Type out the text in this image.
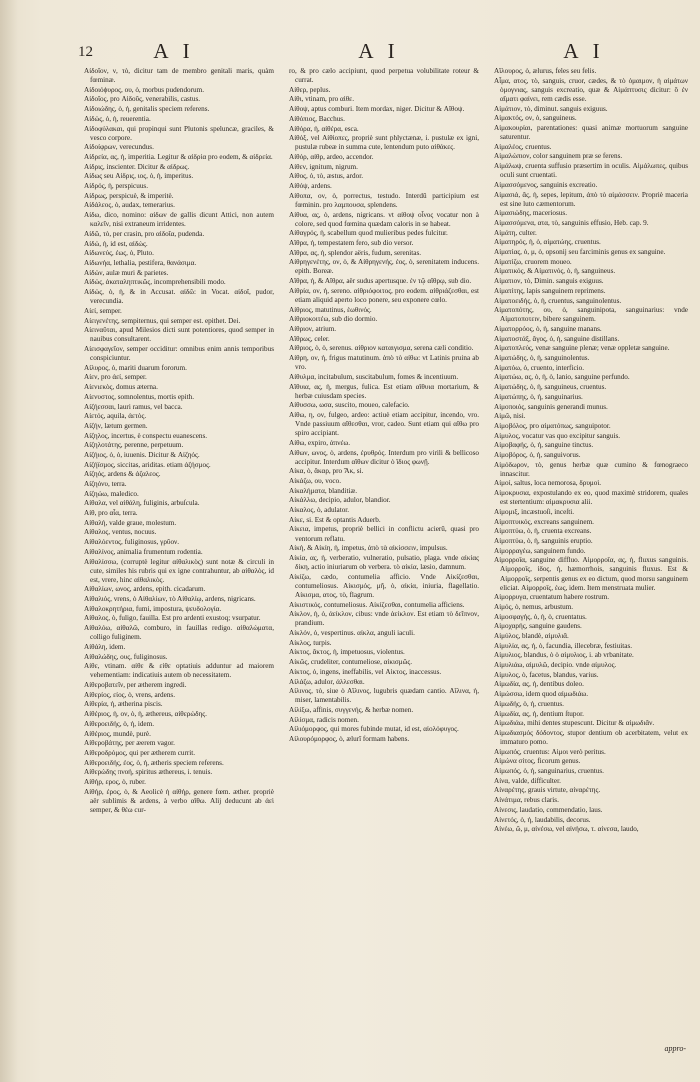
12	A I	A I	A I
Αἰδοῖον, ν, τὸ, dicitur tam de membro genitali maris, quàm fœminæ.
Αἰδοιόϕυρος, ου, ὁ, morbus pudendorum.
Αἰδοῖος, pro Αἰδοῦς, venerabilis, castus.
Αἰδοιώδης, ὁ, ἡ, genitalis speciem referens.
Αἰδώς, ὁ, ἡ, reuerentia.
Αἰδοφύλακαι, qui propinqui sunt Plutonis speluncæ, graciles, & vesco corpore.
Αἰδοίφρων, verecundus.
Αἰδρεία, ας, ἡ, imperitia. Legitur & αἰδρία pro eodem, & αἰδρεία.
Αἰδρις, inscienter. Dicitur & αἰδρως.
Αἰδως seu Αἰδρις, ιος, ὁ, ἡ, imperitus.
Αἰδρός, ἡ, perspicuus.
Αἰδρως, perspicuè, & imperitè.
Αἰδάλεος, ὁ, audax, temerarius.
Αἰδω, dico, nomino: αἰδων de gallis dicunt Attici, non autem καλεῖν, nisi extraneum irridentes.
Αἰδῶ, τὸ, per crasin, pro αἰδοῖα, pudenda.
Αἰδώ, ἡ, id est, αἰδώς.
Αἰδωνεύς, ἐως, ὁ, Pluto.
Αἰδωνήα, lethalia, pestifera, θανάσιμα.
Αἰδών, aulæ muri & parietes.
Αἰδώς, ἀκαταληπτικῶς, incomprehensibili modo.
Αἰδώς, ὁ, ἡ, & in Accusat. αἰδῶ: in Vocat. αἰδοῖ, pudor, verecundia.
Αἰεί, semper.
Αἰειγενέτης, sempiternus, qui semper est. epithet. Dei.
Αἰειναῦται, apud Milesios dicti sunt potentiores, quod semper in nauibus consultarent.
Αἰεισφαγεῖον, semper occiditur: omnibus enim annis temporibus conspiciuntur.
Αἰλυρος, ὁ, mariti duarum fororum.
Αἰεν, pro ἀεί, semper.
Αἰενιεκὸς, domus æterna.
Αἰενυστος, somnolentus, mortis epith.
Αἰζήεσσαι, lauri ramus, vel bacca.
Αἰετός, aquila, ἀετὸς.
Αἰζήν, lætum germen.
Αἰζηλος, incertus, è conspectu euanescens.
Αἰζηλοτάτης, perenne, perpetuum.
Αἰζήιος, ὁ, ὁ, iuuenis. Dicitur & Αἰζηός.
Αἰζήϊσμος, siccitas, ariditas. etiam ἀζήσμος.
Αἰζηός, ardens & ἀζαλεος.
Αἰζηόνυ, terra.
Αἰζηώω, maledico.
Αἰθαλα, vel αἰθάλη, fuliginis, arbuſcula.
Αἰθ, pro αἶα, terra.
Αἰθαλή, valde graue, molestum.
Αἰθαλος, ventus, nocuus.
Αἰθαλόεντος, fuliginosus, γρῦον.
Αἰθαλίνος, animalia frumentum rodentia.
Αἰθαλίσσω, (corruptè legitur αἰθαλικὸς) sunt notæ & circuli in cute, similes his rubris qui ex igne contrahuntur, ab αἰθαλὸς, id est, vrere, hinc αἰθαλικὸς.
Αἰθαλίων, ωνος, ardens, epith. cicadarum.
Αἰθαλιός, vrens, ὁ Αἰθαλίων, τὸ Αἰθαλίῳ, ardens, nigricans.
Αἰθαλοκρητήρια, fumi, impostura, ψευδολογία.
Αἰθαλος, ὁ, fuligo, fauilla. Est pro ardenti exustoq; vsurpatur.
Αἰθαλόω, αἰθαλῶ, comburo, in fauillas redigo. αἰθαλώματα, colligo fuliginem.
Αἰθάλη, idem.
Αἰθαλώδης, ους, fuliginosus.
Αἰθε, vtinam. αἰθε & εἰθε optatiuis adduntur ad maiorem vehementiam: indicatiuis autem ob necessitatem.
Αἰθεροβατεῖν, per ætherem ingredi.
Αἰθερίος, εἰος, ὁ, vrens, ardens.
Αἰθερία, ἡ, ætherina piscis.
Αἰθέριος, ἡ, ον, ὁ, ἡ, æthereus, αἰθερώδης.
Αἰθεροειδής, ὁ, ἡ, idem.
Αἰθέριος, mundè, purè.
Αἰθεροβάτης, per æerem vagor.
Αἰθεροδρόμος, qui per ætherem currit.
Αἰθεροειδής, ἐος, ὁ, ἡ, ætheris speciem referens.
Αἰθερώδης πνοή, spiritus æthereus, i. tenuis.
Αἰθήρ, ερος, ὁ, ruber.
Αἰθήρ, ἐρος, ὁ, & Aeolicè ἡ αἰθήρ, genere fœm. æther. propriè aër sublimis & ardens, à verbo αἴθω. Alij deducunt ab ἀεὶ semper, & θέω cur-
ro, & pro cælo accipiunt, quod perpetua volubilitate roteur & currat.
Αἰθερ, peplus.
Αἰθι, vtinam, pro αἰθε.
Αἰθοψ, aptus comburi. Item mordax, niger. Dicitur & Αἴθοψ.
Αἰθόπιος, Bacchus.
Αἰθόρα, ἡ, αἰθέρα, esca.
Αἰθόξ, vel Αἰθίοπες, propriè sunt phlyctænæ, i. pustulæ ex igni, pustulæ rubeæ in summa cute, lentendum puto αἰθάκες.
Αἰθόρ, αἰθρ, ardeo, accendor.
Αἰθεν, ignitum, nigrum.
Αἰθος, ὁ, τὸ, æstus, ardor.
Αἰθόψ, ardens.
Αἰθοπα, ον, ὁ, porrectus, testudo. Interdū participium est fœminin. pro λαμπουσα, splendens.
Αἰθυα, ας, ὁ, ardens, nigricans. vt αἰθοψ οἶνος vocatur non à colore, sed quod fœmina quædam caloris in se habeat.
Αἰθαγρός, ἡ, scabellum quod mulieribus pedes fulcitur.
Αἴθρα, ἡ, tempestatem fero, sub dio versor.
Αἴθρα, ας, ἡ, splendor aëris, fudum, serenitas.
Αἰθρηγενέτης, ον, ὁ, & Αἰθρηγενής, ἐος, ὁ, serenitatem inducens. epith. Boreæ.
Αἴθρα, ἡ, & Αἴθρα, aër sudus apertusque. ἐν τῷ αἴθρῳ, sub dio.
Αἰθρία, ον, ἡ, sereno. αἰθριόφοιτος, pro eodem. αἰθριάζεσθαι, est etiam aliquid aperto loco ponere, seu exponere cœlo.
Αἰθριος, matutinus, ἑωθινός.
Αἰθριοκοιτέω, sub dio dormio.
Αἰθριον, atrium.
Αἴθρως, celer.
Αἰθριος, ὁ, ὁ, serenus. αἰθριον καταιγισμα, serena cæli conditio.
Αἰθρη, ον, ἡ, frigus matutinum. ἀπὸ τὸ αἰθω: vt Latinis pruina ab vro.
Αἰθυλμα, incitabulum, suscitabulum, fomes & incentiuum.
Αἴθυια, ας, ἡ, mergus, fulica. Est etiam αἴθυια mortarium, & herbæ cuiusdam species.
Αἰθυσσω, ωσα, suscito, moueo, calefacio.
Αἰθω, η, ον, fulgeo, ardeo: actiuè etiam accipitur, incendo, vro. Vnde passiuum αἴθεσθαι, vror, cadeo. Sunt etiam qui αἴθω pro spiro accipiant.
Αἰθω, expiro, ἀπνέω.
Αἰθων, ωνος, ὁ, ardens, ἐρυθρός. Interdum pro virili & bellicoso accipitur. Interdum αἴθων dicitur ὁ ἴδιος φωνῇ.
Αἰκα, ὁ, ἄκαρ, pro Ἄκ, si.
Αἰκάζω, ου, voco.
Αἰκαλήματα, blanditiæ.
Αἰκάλλω, decipio, adulor, blandior.
Αἰκαλος, ὁ, adulator.
Αἰκε, si. Est & optantis Aduerb.
Αἰκεια, impetus, propriè bellici in conflictu acierū, quasi pro ventorum reflatu.
Αἰκὴ, & Αἰκίη, ἡ, impetus, ἀπὸ τὰ αἰκίσσειν, impulsus.
Αἰκία, ας, ἡ, verberatio, vulneratio, pulsatio, plaga. vnde αἰκίας δίκη, actio iniuriarum ob verbera. τὸ αἰκία, læsio, damnum.
Αἰκίζω, cædo, contumelia afficio. Vnde Aἰκίζεσθαι, contumeliosus. Αἰκισμός, μῆ, ὁ, αἰκία, iniuria, flagellatio. Αἰκισμα, ατος, τὸ, flagrum.
Αἰκιστικός, contumeliosus. Αἰκίζεσθαι, contumelia afficiens.
Αἰκλον, ἡ, ὁ, ἀείκλον, cibus: vnde ἀείκλον. Est etiam τὸ δεῖπνον, prandium.
Αἰκλόν, ὁ, vespertinus. αἰκλα, anguli iaculi.
Αἰκλος, turpis.
Αἰκτος, ἄκτος, ἡ, impetuosus, violentus.
Αἰκῶς, crudeliter, contumeliose, αἰκισμῶς.
Αἰκτος, ὁ, ingens, ineffabilis, vel Αἰκτος, inaccessus.
Αἰλάζω, adulor, ἀλλεσθαι.
Αἰλινος, τὸ, siue ὁ Αἴλινος, lugubris quædam cantio. Αἴλινα, ἡ, miser, lamentabilis.
Αἰλίξω, affinis, συγγενής, & herbæ nomen.
Αἰλίσμα, radicis nomen.
Αἰλιόμορφος, qui mores fubinde mutat, id est, αἰολόφυγος.
Αἰλουρόμορφος, ὁ, ælurī formam habens.
Αἴλουρος, ὁ, ælurus, feles seu felis.
Αἷμα, ατος, τὸ, sanguis, cruor, cædes, & τὸ ὁμαιμον, ἡ αἰμάτων ὁμογνιας, sanguis excreatio, quæ & Αἱμάπτυσις dicitur: ὅ ἐν αἵματι φαίνει, rem cædis esse.
Αἱμάτιον, τὸ, diminut. sanguis exiguus.
Αἱμακτός, ον, ὁ, sanguineus.
Αἱμακουρίαι, parentationes: quasi animæ mortuorum sanguine saturentur.
Αἱμαλέος, cruentus.
Αἱμαλώπιον, color sanguinem præ se ferens.
Αἱμάλωψ, cruenta suffusio præsertim in oculis. Αἱμάλωπες, quibus oculi sunt cruentati.
Αἱμασσόμενος, sanguinis excreatio.
Αἱμασιά, ᾶς, ἡ, sepes, lepitum, ἀπὸ τὸ αἱμάσσειν. Propriè maceria est sine luto cæmentorum.
Αἱμασιώδης, maceriosus.
Αἱμασσόμενα, ατα, τὸ, sanguinis effusio, Heb. cap. 9.
Αἱμάτη, culter.
Αἱματηρός, ἡ, ὁ, αἱματώης, cruentus.
Αἱματίας, ὁ, μ, ὁ, opsonij seu farciminis genus ex sanguine.
Αἱματίζω, cruorem moueo.
Αἱματικός, & Αἱματινός, ὁ, ἡ, sanguineus.
Αἱματιον, τὸ, Dimin. sanguis exiguus.
Αἱματίτης, lapis sanguinem reprimens.
Αἱματοειδής, ὁ, ἡ, cruentus, sanguinolentus.
Αἱματοπότης, ου, ὁ, sanguinipota, sanguinarius: vnde Αἱματοποτειν, bibere sanguinem.
Αἱματορρόος, ὁ, ἡ, sanguine manans.
Αἱματοστάξ, ἄγος, ὁ, ἡ, sanguine distillans.
Αἱματοπλεύς, venæ sanguine plenæ; venæ oppletæ sanguine.
Αἱματώδης, ὁ, ἡ, sanguinolentus.
Αἱματόω, ὁ, cruento, interficio.
Αἱματώω, ας, ὁ, ἡ, ὁ, lanio, sanguine perfundo.
Αἱματώδης, ὁ, ἡ, sanguineus, cruentus.
Αἱματώπης, ὁ, ἡ, sanguinarius.
Αἱμοποιός, sanguinis generandi munus.
Αἱμῶ, nisi.
Αἱμοβόλος, pro αἱματόπως, sanguipotor.
Αἱμυλος, vocatur vas quo excipitur sanguis.
Αἱμοβαφής, ὁ, ἡ, sanguine tinctus.
Αἱμοβόρος, ὁ, ἡ, sanguivorus.
Αἱμόδωρον, τὸ, genus herbæ quæ cumino & fœnograeco innascitur.
Αἰμοί, saltus, loca nemorosa, δρυμοὶ.
Αἱμοκρυσια, expostulando ex eo, quod maximè stridorem, quales est stertentium: αἰμακρυσια alii.
Αἱμομιξ, incæstuoſi, inceſti.
Αἱμοπτυικός, excreans sanguinem.
Αἱμοπτύω, ὁ, ἡ, cruenta excreans.
Αἱμοπτύω, ὁ, ἡ, sanguinis eruptio.
Αἱμορραγέω, sanguinem fundo.
Αἱμορροΐα, sanguine diffluo. Αἱμορροΐα, ας, ἡ, fluxus sanguinis. Αἱμορροΐς, ἰδος, ἡ, hæmorrhois, sanguinis fluxus. Est & Αἱμορροΐς, serpentis genus ex eo dictum, quod morsu sanguinem eliciat. Αἱμορροΐς, ἐως, idem. Item menstruata mulier.
Αἱμορρυγα, cruentatum habere rostrum.
Αἱμός, ὁ, nemus, arbustum.
Αἱμοσφαγής, ὁ, ἡ, ὁ, cruentatus.
Αἱμοχαρής, sanguine gaudens.
Αἱμύλος, blandè, αἱμυλιᾶ.
Αἱμυλία, ας, ἡ, ὁ, facundia, illecebræ, festiuitas.
Αἱμυλιος, blandus, ὁ ὁ αἱμυλιος, i. ab vrbanitate.
Αἱμυλιάω, αἰμυλῶ, decipio. vnde αἰμυλος.
Αἱμυλος, ὁ, facetus, blandus, varius.
Αἱμωδία, ας, ἡ, dentibus doleo.
Αἱμώσσω, idem quod αἰμωδιάω.
Αἱμωδής, ὁ, ἡ, cruentus.
Αἱμωδία, ας, ἡ, dentium ſtupor.
Αἱμωδιάω, mihi dentes stupescunt. Dicitur & αἰμωδιᾶν.
Αἱμωδιασμός δόδοντος, stupor dentium ob acerbitatem, velut ex immaturo pomo.
Αἱμωπός, cruentus: Αἱμοι verò peritus.
Αἱμώνα σίτος, ficorum genus.
Αἱμωπός, ὁ, ἡ, sanguinarius, cruentus.
Αἰνα, valde, difficulter.
Αἰναρέτης, grauis virtute, αἰναρέτης.
Αἰνάτιμα, rebus claris.
Αἰνεσις, laudatio, commendatio, laus.
Αἰνετός, ὁ, ἡ, laudabilis, decorus.
Αἰνέω, ῶ, μ, αἰνέσω, vel αἰνήσω, τ. αἰνεσα, laudo,
appro-
